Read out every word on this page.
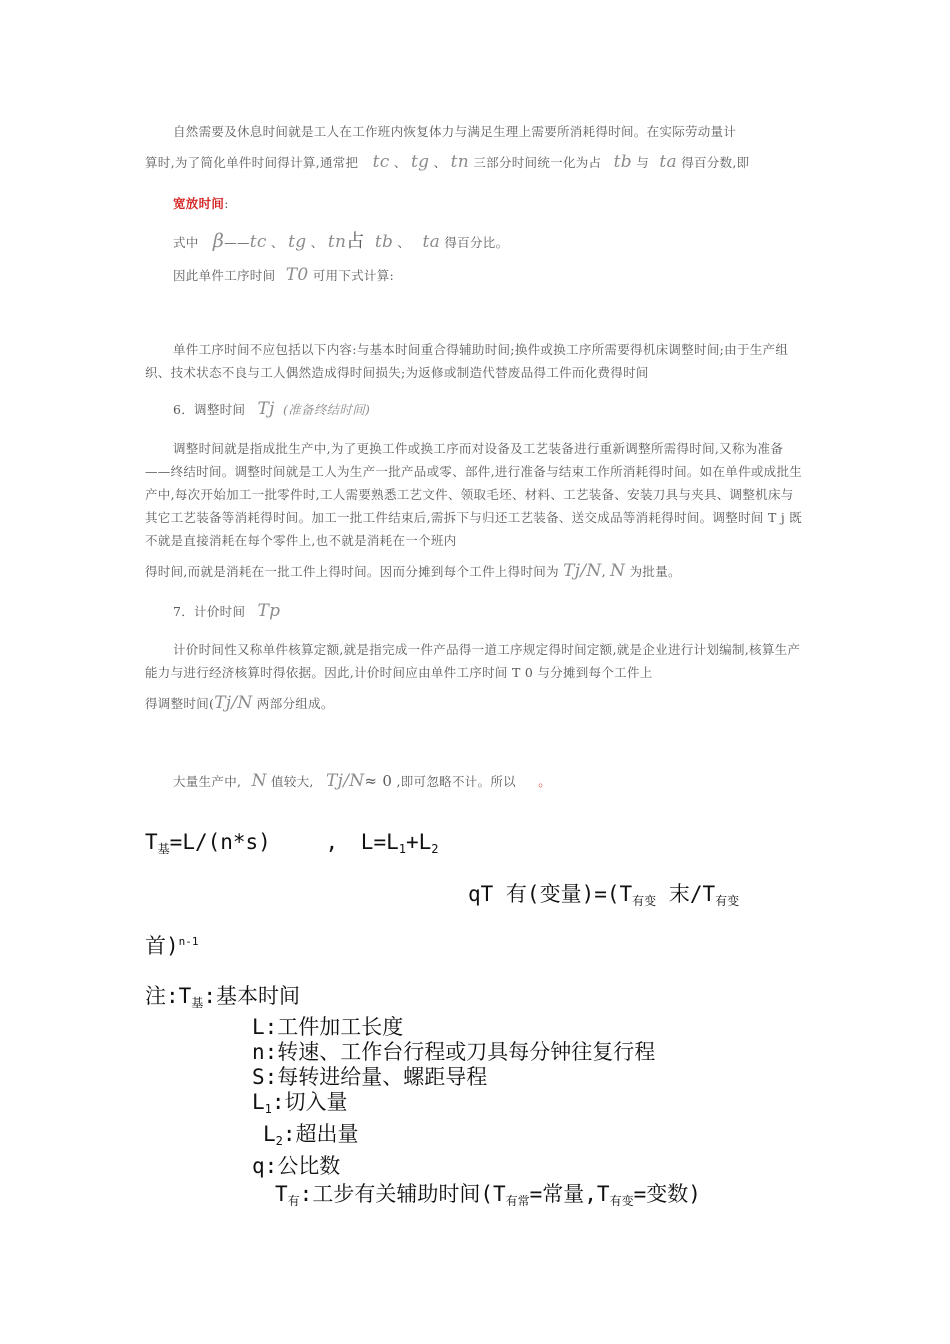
自然需要及休息时间就是工人在工作班内恢复体力与满足生理上需要所消耗得时间。在实际劳动量计

算时,为了简化单件时间得计算,通常把 tc 、 tg 、 tn 三部分时间统一化为占 tb 与 ta 得百分数,即

宽放时间:
式中 β——tc 、 tg 、 tn占 tb 、 ta 得百分比。
因此单件工序时间 T0 可用下式计算:

单件工序时间不应包括以下内容:与基本时间重合得辅助时间;换件或换工序所需要得机床调整时间;由于生产组织、技术状态不良与工人偶然造成得时间损失;为返修或制造代替废品得工件而化费得时间

6．调整时间 Tj (准备终结时间)

调整时间就是指成批生产中,为了更换工件或换工序而对设备及工艺装备进行重新调整所需得时间,又称为准备——终结时间。调整时间就是工人为生产一批产品或零、部件,进行准备与结束工作所消耗得时间。如在单件或成批生产中,每次开始加工一批零件时,工人需要熟悉工艺文件、领取毛坯、材料、工艺装备、安装刀具与夹具、调整机床与其它工艺装备等消耗得时间。加工一批工件结束后,需拆下与归还工艺装备、送交成品等消耗得时间。调整时间 T j 既不就是直接消耗在每个零件上,也不就是消耗在一个班内

得时间,而就是消耗在一批工件上得时间。因而分摊到每个工件上得时间为 Tj/N, N 为批量。

7．计价时间 Tp

计价时间性又称单件核算定额,就是指完成一件产品得一道工序规定得时间定额,就是企业进行计划编制,核算生产能力与进行经济核算时得依据。因此,计价时间应由单件工序时间 T 0 与分摊到每个工件上

得调整时间(Tj/N 两部分组成。

大量生产中, N 值较大, Tj/N≈ 0 ,即可忽略不计。所以 。
T基=L/(n*s)	, L=L1+L2
qT 有(变量)=(T有变 末/T有变
首)$^{n-1}$
注:T基:基本时间
L:工件加工长度
n:转速、工作台行程或刀具每分钟往复行程
S:每转进给量、螺距导程
L1:切入量
L2:超出量
q:公比数
T有:工步有关辅助时间(T有常=常量,T有变=变数)
